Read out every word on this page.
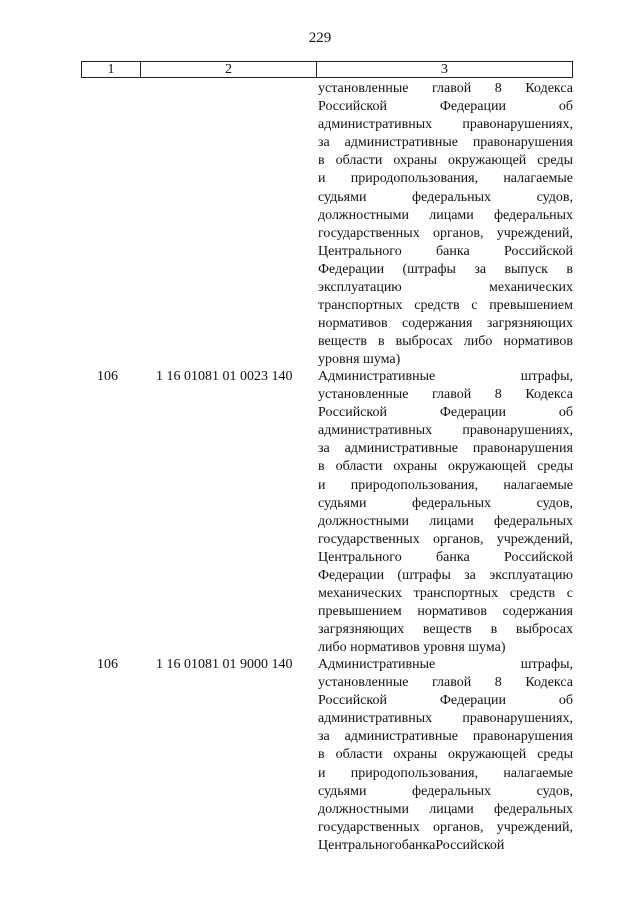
229
1	2	3
установленные главой 8 Кодекса
Российской	Федерации	об
административных правонарушениях,
за административные правонарушения
в области охраны окружающей среды
и природопользования, налагаемые
судьями	федеральных	судов,
должностными лицами федеральных
государственных органов, учреждений,
Центрального банка Российской
Федерации (штрафы за выпуск в
эксплуатацию	механических
транспортных средств с превышением
нормативов содержания загрязняющих
веществ в выбросах либо нормативов
уровня шума)
106	1 16 01081 01 0023 140	Административные	штрафы,
установленные главой 8 Кодекса
Российской	Федерации	об
административных правонарушениях,
за административные правонарушения
в области охраны окружающей среды
и природопользования, налагаемые
судьями	федеральных	судов,
должностными лицами федеральных
государственных органов, учреждений,
Центрального банка Российской
Федерации (штрафы за эксплуатацию
механических транспортных средств с
превышением нормативов содержания
загрязняющих веществ в выбросах
либо нормативов уровня шума)
106	1 16 01081 01 9000 140	Административные	штрафы,
установленные главой 8 Кодекса
Российской	Федерации	об
административных правонарушениях,
за административные правонарушения
в области охраны окружающей среды
и природопользования, налагаемые
судьями	федеральных	судов,
должностными лицами федеральных
государственных органов, учреждений,
Центрального банка Российской
